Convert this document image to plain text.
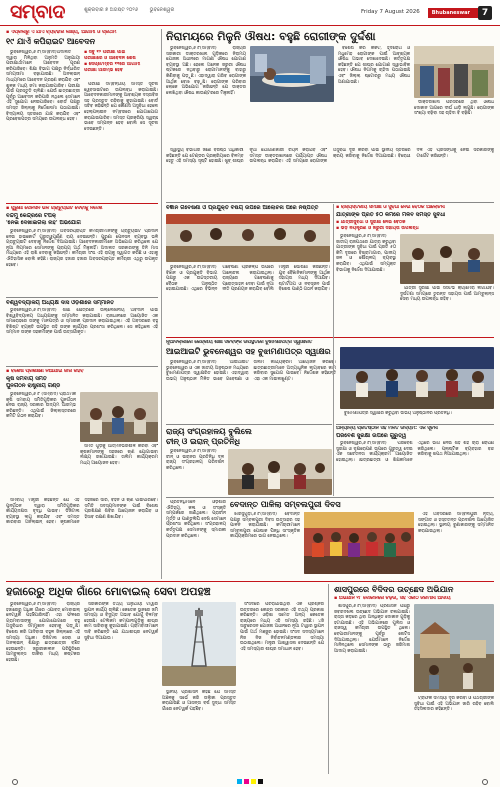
ସମ୍ବାଦ	ଶୁକ୍ରବାର ୭ ଅଗଷ୍ଟ ୨୦୨୬ ଭୁବନେଶ୍ୱର	Friday 7 August 2026	Bhubaneswar	7
▪ ଏପ୍ରିଲରୁ ଏ ଯାଏ ବ୍ୟବହାର ଲକ୍ଷ୍ୟ, ଆଗାମୀ ଓ ପ୍ରଥମ
୧୯ ଯାଏଁ କପିରାଇଟ ଆବେଦନ

ଭୁବନେଶ୍ୱର,୬।୮(ସମ୍ବାଦ)ଅଦାଲତ ଦ୍ୱାରା ମିଳିଥିବା ଅନୁମତି ଅନୁଯାୟୀ ପରୀକ୍ଷାର୍ଥୀମାନେ ଆବେଦନ ପୂରଣ କରିପାରିବେ। ଶିକ୍ଷା ବିଭାଗ ପକ୍ଷରୁ ନିର୍ଦ୍ଧାରିତ ସମୟସୀମା ବଢ଼ାଯାଇଛି। ଅନଲାଇନ୍ ମାଧ୍ୟମରେ ଆବେଦନ ଗ୍ରହଣ କରାଯିବ ଏବଂ ଶୁଳ୍କ ମଧ୍ୟ ଜମା କରାଯାଇପାରିବ। ପରୀକ୍ଷା ପାଇଁ ପ୍ରସ୍ତୁତି ଚାଲିଛି। ଯେଉଁ ଛାତ୍ରଛାତ୍ରୀ ପୂର୍ବରୁ ଆବେଦନ କରିପାରି ନଥିଲେ ସେମାନେ ଏହି ସୁଯୋଗ ନେଇପାରିବେ। ବୋର୍ଡ ପକ୍ଷରୁ ସମସ୍ତ ଜିଲ୍ଲାକୁ ନିର୍ଦ୍ଦେଶନାମା ପଠାଯାଇଛି। ବିଦ୍ୟାଳୟ ସ୍ତରରେ ଯାଞ୍ଚ କରାଯିବ ଏବଂ ପ୍ରବେଶପତ୍ର ସମୟରେ ଉପଲବ୍ଧ ହେବ।

▪ ସବୁ ୧୨ ପରୀକ୍ଷା ପାଇଁ
ପରୀକ୍ଷାରେ ଓ ଆବେଦନ ଶେଷ
▪ ସେପ୍ଟେମ୍ବର ୧୧ରେ ଆଗାମୀ
ପରୀକ୍ଷା ଆରମ୍ଭ ହେବ

ପରୀକ୍ଷା ସମ୍ବନ୍ଧୀୟ ସମସ୍ତ ସୂଚନା ୱେବସାଇଟରେ ଉପଲବ୍ଧ କରାଯାଇଛି। ଆବେଦନକାରୀମାନଙ୍କୁ ଆବଶ୍ୟକ ଦସ୍ତାବିଜ ସହ ପ୍ରସ୍ତୁତ ରହିବାକୁ କୁହାଯାଇଛି। ବୋର୍ଡ ସଚିବ କହିଛନ୍ତି ଯେ କୌଣସି ଅସୁବିଧା ହେଲେ ହେଲ୍ପଲାଇନ ନମ୍ବରରେ ଯୋଗାଯୋଗ କରାଯାଇପାରିବ। ସମସ୍ତ ପ୍ରକ୍ରିୟା ସ୍ୱଚ୍ଛ ଭାବେ ସମ୍ପନ୍ନ ହେବ ବୋଲି ସେ ସୂଚନା ଦେଇଛନ୍ତି।

ନିରାମୟରେ ମିଳୁନି ଔଷଧ: ବହୁଛି ରୋଗୀଙ୍କ ଦୁର୍ଦ୍ଦଶା

ଭୁବନେଶ୍ୱର,୬।୮(ସମ୍ବାଦ) ରାଜ୍ୟର ସରକାରୀ ଡାକ୍ତରଖାନା ଗୁଡ଼ିକରେ ନିରାମୟ ଯୋଜନା ଅଧୀନରେ ମାଗଣା ଔଷଧ ଯୋଗାଣ ବ୍ୟବସ୍ଥା ଅଛି। ହେଲେ ଅନେକ ଜରୁରୀ ଔଷଧ ଷ୍ଟକରେ ନଥିବାରୁ ରୋଗୀମାନଙ୍କୁ ବାହାରୁ କିଣିବାକୁ ପଡ଼ୁଛି। ଏହାଦ୍ୱାରା ଗରିବ ରୋଗୀଙ୍କ ଆର୍ଥିକ ବୋଝ ବଢ଼ୁଛି। ରୋଗୀଙ୍କ ପରିବାର ଲୋକେ ଅଭିଯୋଗ କରିଛନ୍ତି ଯେ ଡାକ୍ତର ଲେଖିଥିବା ଔଷଧ କାଉଣ୍ଟରରେ ମିଳୁନାହିଁ।

ବିଶେଷ କରି କର୍କଟ, ହୃଦରୋଗ ଓ ମଧୁମେହ ରୋଗୀଙ୍କ ପାଇଁ ଆବଶ୍ୟକ ଔଷଧ ଅଭାବ ଦେଖାଦେଇଛି। କର୍ତ୍ତୃପକ୍ଷ କହିଛନ୍ତି ଯେ ଶୀଘ୍ର ଯୋଗାଣ ସ୍ୱାଭାବିକ ହେବ। ଔଷଧ ନିଗମକୁ ଚାହିଦା ପଠାଯାଇଛି ଏବଂ ଜିଲ୍ଲା ଷ୍ଟୋରରୁ ମଧ୍ୟ ଔଷଧ ଅଣାଯାଉଛି।

ଡାକ୍ତରଖାନା ପରିସରରେ ଥିବା ଔଷଧ ଦୋକାନ ଆଗରେ ଦୀର୍ଘ ଧାଡ଼ି ଲାଗୁଛି। ରୋଗୀଙ୍କ ସଂଖ୍ୟା ବଢ଼ିବା ସହ ଚାହିଦା ବି ବଢ଼ିଛି।

ସ୍ୱାସ୍ଥ୍ୟ ବିଭାଗର ଜଣେ ବରିଷ୍ଠ ଅଧିକାରୀ କହିଛନ୍ତି ଯେ ଟେଣ୍ଡର ପ୍ରକ୍ରିୟାରେ ବିଳମ୍ବ ହେତୁ ଏହି ସମସ୍ୟା ସୃଷ୍ଟି ହୋଇଛି। ଖୁବ୍ ଶୀଘ୍ର ନୂଆ ଯୋଗାଣକାରୀ ଚୟନ କରାଯିବ ଏବଂ ସମସ୍ତ ଡାକ୍ତରଖାନାରେ ପର୍ଯ୍ୟାପ୍ତ ଔଷଧ ଉପଲବ୍ଧ କରାଯିବ। ଏହି ସମୟରେ ରୋଗୀଙ୍କ ଅସୁବିଧା ଦୂର କରିବା ପାଇଁ ସ୍ଥାନୀୟ ସ୍ତରରେ କ୍ରୟ କରିବାକୁ ନିର୍ଦ୍ଦେଶ ଦିଆଯାଇଛି। ବିରୋଧୀ ଦଳ ଏହି ପ୍ରସଙ୍ଗକୁ ନେଇ ସରକାରଙ୍କୁ ଟାର୍ଗେଟ କରିଛନ୍ତି।

▪ ପୁରୁଣା ପେନସନ ଭଳି ଗ୍ରାଚ୍ୟୁଇଟି ଦେବାକୁ ନିର୍ଦ୍ଦେଶ
ବନ୍ଦମୁଁ କେନ୍ଦ୍ରରେ ଟିପିକ୍
'ନେଇ ଦେଖାଇଗଲା ନାହିଁ' ଅଭିଯୋଗ

ଭୁବନେଶ୍ୱର,୬।୮(ସମ୍ବାଦ) ଅବସରପ୍ରାପ୍ତ କର୍ମଚାରୀମାନଙ୍କୁ ଗ୍ରାଚ୍ୟୁଇଟି ପ୍ରଦାନ ନେଇ ହାଇକୋର୍ଟ ଗୁରୁତ୍ୱପୂର୍ଣ୍ଣ ରାୟ ଦେଇଛନ୍ତି। ପୁରୁଣା ପେନସନ ବ୍ୟବସ୍ଥା ଭଳି ଗ୍ରାଚ୍ୟୁଇଟି ଦେବାକୁ ନିର୍ଦ୍ଦେଶ ଦିଆଯାଇଛି। ଆବେଦନକାରୀମାନେ ଅଭିଯୋଗ କରିଥିଲେ ଯେ ନୂଆ ନିୟମରେ ସେମାନଙ୍କୁ ପ୍ରାପ୍ୟ ଅର୍ଥ ମିଳୁନାହିଁ। ଅଦାଲତ ସରକାରଙ୍କୁ ତିନି ମାସ ମଧ୍ୟରେ ଏହି ରାଶି ଦେବାକୁ କହିଛନ୍ତି। କର୍ମଚାରୀ ସଂଘ ଏହି ରାୟକୁ ସ୍ୱାଗତ କରିଛି ଓ ଏହାକୁ ଐତିହାସିକ ବୋଲି କହିଛି। ରାଜ୍ୟର ହଜାର ହଜାର ଅବସରପ୍ରାପ୍ତ କର୍ମଚାରୀ ଏଥିରୁ ଉପକୃତ ହେବେ।

ବିଶ୍ୱବିଦ୍ୟାଳୟ ଅଧ୍ୟକ୍ଷ ଦାସ ଓଡ଼ିଶାରେ ସମ୍ମାନିତ

ଭୁବନେଶ୍ୱର,୬।୮(ସମ୍ବାଦ) ଶିକ୍ଷା କ୍ଷେତ୍ରରେ ଉଲ୍ଲେଖନୀୟ ଅବଦାନ ପାଇଁ ବିଶ୍ୱବିଦ୍ୟାଳୟ ଅଧ୍ୟକ୍ଷଙ୍କୁ ସମ୍ମାନିତ କରାଯାଇଛି। ରାଜଧାନୀରେ ଆୟୋଜିତ ଏକ ସମାରୋହରେ ତାଙ୍କୁ ମାନପତ୍ର ଓ ସ୍ମାରକୀ ପ୍ରଦାନ କରାଯାଇଥିଲା। ଏହି ଅବସରରେ ବହୁ ବିଶିଷ୍ଟ ବ୍ୟକ୍ତି ଉପସ୍ଥିତ ରହି ତାଙ୍କ କାର୍ଯ୍ୟର ପ୍ରଶଂସା କରିଥିଲେ। ସେ କହିଥିଲେ ଏହି ସମ୍ମାନ ତାଙ୍କ ସହକର୍ମୀଙ୍କ ପାଇଁ ଉତ୍ସର୍ଗୀକୃତ।

▪ ବିଶେଷ ପ୍ରଶିକ୍ଷଣ ନିଆଯାଇ ଜାରି ରହିବ
କୃଷି ସମବାୟ ସମିତି
ପୁନର୍ଗଠନ ରାଷ୍ଟ୍ରୀୟ ଗଣ୍ଡି

ଭୁବନେଶ୍ୱର,୬।୮ (ସମ୍ବାଦ) ପ୍ରାଥମିକ କୃଷି ସମବାୟ ସମିତିଗୁଡ଼ିକର ପୁନର୍ଗଠନ ନେଇ ରାଜ୍ୟ ସରକାର ଉଦ୍ୟମ ଆରମ୍ଭ କରିଛନ୍ତି। ଏଥିପାଇଁ ଜିଲ୍ଲାସ୍ତରରେ କମିଟି ଗଠନ କରାଯିବ।

ସମିତି ଗୁଡ଼ିକୁ ଆତ୍ମନିର୍ଭରଶୀଳ କରିବା ଏବଂ କୃଷକମାନଙ୍କୁ ସହଜରେ ଋଣ ଯୋଗାଇବା ଲକ୍ଷ୍ୟ ରଖାଯାଇଛି। ତାଲିମ କାର୍ଯ୍ୟକ୍ରମ ମଧ୍ୟ ଆୟୋଜନ ହେବ।

ବିଜ୍ଞାନ ଗବେଷଣା ଓ ପ୍ରଯୁକ୍ତି ବିଷୟ ଉପରେ ଆଲୋଚନା ପରେ ନିଷ୍ପତ୍ତି

ଭୁବନେଶ୍ୱର,୬।୮(ସମ୍ବାଦ) ବିଜ୍ଞାନ ଓ ପ୍ରଯୁକ୍ତି ବିଭାଗ ପକ୍ଷରୁ ଏକ ଉଚ୍ଚସ୍ତରୀୟ ବୈଠକ ଅନୁଷ୍ଠିତ ହୋଇଯାଇଛି। ଏଥିରେ ବିଭିନ୍ନ ଗବେଷଣା ପ୍ରକଳ୍ପ ଉପରେ ଆଲୋଚନା କରାଯାଇଥିଲା। ରାଜ୍ୟରେ ଗବେଷଣାକୁ ପ୍ରୋତ୍ସାହନ ଦେବା ପାଇଁ ନୂଆ ନୀତି ପ୍ରଣୟନ କରାଯିବ ବୋଲି ମନ୍ତ୍ରୀ ଘୋଷଣା କରିଛନ୍ତି। ଯୁବ ବୈଜ୍ଞାନିକମାନଙ୍କୁ ଆର୍ଥିକ ସହାୟତା ମଧ୍ୟ ଦିଆଯିବ। ଷ୍ଟାର୍ଟଅପ ଓ ନବସୃଜନ ପାଇଁ ବିଶେଷ ପାଣ୍ଠି ଗଠନ କରାଯିବ।

▪ ରାଜ୍ୟସ୍ତରୀୟ ସମୀକ୍ଷା ଓ ସୁବିଧା ନେଇ ବୈଠକ ଆଲୋଚନା
ଯାତ୍ରୀଙ୍କ ପ୍ରତି ୫୦ କିମିରେ ମିଳିବ ସମସ୍ତ ସୁବିଧା
▪ ଯାତ୍ରୀସୁବିଧା ଓ ସୁରକ୍ଷା ନେଇ ବୈଠକ
▪ ଭିଡ଼ ନିୟନ୍ତ୍ରଣ ଓ ଜରୁରୀ ସହାୟତା ଉପଲବ୍ଧ

ଭୁବନେଶ୍ୱର,୬।୮(ସମ୍ବାଦ) ଜାତୀୟ ରାଜପଥରେ ଯାତ୍ରା କରୁଥିବା ଯାତ୍ରୀଙ୍କ ସୁବିଧା ପାଇଁ ପ୍ରତି ୫୦ କିମି ଦୂରରେ ବିଶ୍ରାମାଗାର, ପାନୀୟ ଜଳ ଓ ଶୌଚାଳୟ ବ୍ୟବସ୍ଥା କରାଯିବ। ଏଥିପାଇଁ ସମ୍ପୃକ୍ତ ବିଭାଗକୁ ନିର୍ଦ୍ଦେଶ ଦିଆଯାଇଛି।

ଯାତ୍ରୀ ସୁରକ୍ଷା ପାଇଁ ସିସିଟିଭି କ୍ୟାମେରା ଲଗାଯିବ। ଦୁର୍ଘଟଣା ସମୟରେ ତୁରନ୍ତ ସହାୟତା ପାଇଁ ଆମ୍ବୁଲାନ୍ସ ସେବା ମଧ୍ୟ ଉପଲବ୍ଧ ରହିବ।

ନୂଆଦିଲ୍ଲୀରେ କେନ୍ଦ୍ରୀୟ ଶିକ୍ଷା ସଚିବଙ୍କ ଉପସ୍ଥିତିରେ ବୁଝାମଣାପତ୍ର ସ୍ୱାକ୍ଷରିତ
ଆଇଆଇଟି ଭୁବନେଶ୍ୱର ସହ ବୁଝାମଣାପତ୍ର ସ୍ୱାକ୍ଷର

ଭୁବନେଶ୍ୱର,୬।୮(ସମ୍ବାଦ) ଆଇଆଇଟି ଭୁବନେଶ୍ୱର ଓ ଏକ ଜାତୀୟ ଅନୁଷ୍ଠାନ ମଧ୍ୟରେ ବୁଝାମଣାପତ୍ର ସ୍ୱାକ୍ଷରିତ ହୋଇଛି। ଏହାଦ୍ୱାରା ଉଭୟ ଅନୁଷ୍ଠାନ ମିଳିତ ଭାବେ ଗବେଷଣା ଓ ତାଲିମ କାର୍ଯ୍ୟକ୍ରମ ଆୟୋଜନ କରିବେ। ଛାତ୍ରଛାତ୍ରୀମାନେ ଅତ୍ୟାଧୁନିକ ଲ୍ୟାବରେ କାମ କରିବାର ସୁଯୋଗ ପାଇବେ। ନିର୍ଦ୍ଦେଶକ କହିଛନ୍ତି ଏହା ଏକ ମାଇଲଖୁଣ୍ଟ।

ବୁଝାମଣାପତ୍ର ସ୍ୱାକ୍ଷର କରୁଥିବା ଉଭୟ ଅନୁଷ୍ଠାନର ପ୍ରତିନିଧି।

ଅନ୍ୟାନ୍ୟ ପ୍ରତିଷ୍ଠାନ ସହ ମିଳିତ ଉଦ୍ୟମ: ଏକ ସୂଚନା
ପରିବେଶ ସୁରକ୍ଷା ଉପରେ ଗୁରୁତ୍ୱ

ଭୁବନେଶ୍ୱର,୬।୮(ସମ୍ବାଦ) ପରିବେଶ ସୁରକ୍ଷା ଓ ବୃକ୍ଷରୋପଣ ଉପରେ ଗୁରୁତ୍ୱ ଦେଇ ଏକ ସଚେତନତା କାର୍ଯ୍ୟକ୍ରମ ଆୟୋଜିତ ହୋଇଥିଲା। ଛାତ୍ରଛାତ୍ରୀ ଓ ଶିକ୍ଷକମାନେ ଏଥିରେ ଭାଗ ନେଇ ଶହ ଶହ ଚାରା ରୋପଣ କରିଥିଲେ। ପ୍ଲାଷ୍ଟିକ ବ୍ୟବହାର ବନ୍ଦ କରିବାକୁ ଶପଥ ନିଆଯାଇଥିଲା।

ରାଜ୍ୟ ସଂଗ୍ରହାଳୟ ବୁଲିଲେ
ଚୀନ୍ ଓ ଇରାନ୍ ପ୍ରତିନିଧି

ଭୁବନେଶ୍ୱର,୬।୮(ସମ୍ବାଦ) ଚୀନ୍ ଓ ଇରାନର ପ୍ରତିନିଧି ଦଳ ରାଜ୍ୟ ସଂଗ୍ରହାଳୟ ପରିଦର୍ଶନ କରିଥିଲେ।

ସମବାୟ ମନ୍ତ୍ରୀ କହିଛନ୍ତି ଯେ ଏହି ପୁନର୍ଗଠନ ଦ୍ୱାରା ସମିତିଗୁଡ଼ିକର କାର୍ଯ୍ୟଦକ୍ଷତା ବୃଦ୍ଧି ପାଇବ। ଡିଜିଟାଲ ବ୍ୟବସ୍ଥା ଲାଗୁ କରାଯିବ ଏବଂ ସମସ୍ତ କାରବାର ଅନଲାଇନ୍ ହେବ। କୃଷକମାନେ ସହଜରେ ସାର, ବିହନ ଓ ଋଣ ପାଇପାରିବେ। ସମିତି ସଦସ୍ୟମାନଙ୍କ ପାଇଁ ବିଶେଷ ପ୍ରଶିକ୍ଷଣ ଶିବିର ଆୟୋଜନ କରାଯିବ ଓ ହିସାବ ରକ୍ଷଣ ଶିଖାଯିବ।

ବେଦାନ୍ତ ପାଳିଲା ସମ୍ବଲପୁରୀ ଦିବସ

ପ୍ରତିନିଧିମାନେ ଓଡ଼ିଶାର ଐତିହ୍ୟ, କଳା ଓ ସଂସ୍କୃତି ସମ୍ପର୍କରେ ଜାଣିଥିଲେ। ପ୍ରାଚୀନ ମୂର୍ତ୍ତି ଓ ପାଣ୍ଡୁଲିପି ଦେଖି ସେମାନେ ପ୍ରଶଂସା କରିଥିଲେ। ସଂଗ୍ରହାଳୟ କର୍ତ୍ତୃପକ୍ଷ ସେମାନଙ୍କୁ ସ୍ମାରକୀ ପ୍ରଦାନ କରିଥିଲେ।

ଝାରସୁଗୁଡ଼ା,୬।୮(ସମ୍ବାଦ) ବେଦାନ୍ତ ପକ୍ଷରୁ ସମ୍ବଲପୁରୀ ଦିବସ ଉତ୍ସାହର ସହ ପାଳନ କରାଯାଇଛି। କର୍ମଚାରୀମାନେ ସମ୍ବଲପୁରୀ ପୋଷାକ ପିନ୍ଧି ସାଂସ୍କୃତିକ କାର୍ଯ୍ୟକ୍ରମରେ ଭାଗ ନେଇଥିଲେ।

ଏହି ଅବସରରେ ସମ୍ବଲପୁରୀ ନୃତ୍ୟ, ସଙ୍ଗୀତ ଓ ହସ୍ତତନ୍ତ ପ୍ରଦର୍ଶନୀ ଆୟୋଜିତ ହୋଇଥିଲା। ସ୍ଥାନୀୟ ବୁଣାକାରଙ୍କୁ ସମ୍ମାନିତ କରାଯାଇଥିଲା।

ହଜାରେରୁ ଅଧିକ ଗାଁରେ ମୋବାଇଲ୍ ସେବା ଅପହଞ୍ଚ

ଭୁବନେଶ୍ୱର,୬।୮(ସମ୍ବାଦ) ରାଜ୍ୟର ହଜାରେରୁ ଅଧିକ ଗାଁରେ ଏଯାବତ୍ ମୋବାଇଲ୍ ନେଟୱର୍କ ପହଞ୍ଚିପାରିନାହିଁ। ଏହା ଫଳରେ ଗ୍ରାମବାସୀଙ୍କୁ ଯୋଗାଯୋଗରେ ବହୁ ଅସୁବିଧାର ସମ୍ମୁଖୀନ ହେବାକୁ ପଡ଼ୁଛି। ବିଶେଷ କରି ଆଦିବାସୀ ବହୁଳ ଜିଲ୍ଲାରେ ଏହି ସମସ୍ୟା ଅଧିକ। ଡିଜିଟାଲ ସେବା ଓ ଅନଲାଇନ୍ ଶିକ୍ଷାରୁ ଛାତ୍ରଛାତ୍ରୀ ବଞ୍ଚିତ ହେଉଛନ୍ତି। ଜରୁରୀକାଳୀନ ପରିସ୍ଥିତିରେ ଆମ୍ବୁଲାନ୍ସ ଡାକିବା ମଧ୍ୟ କଷ୍ଟକର ହେଉଛି।

ସରକାରଙ୍କ ତଥ୍ୟ ଅନୁଯାୟୀ ଟାୱାର ସ୍ଥାପନ କାର୍ଯ୍ୟ ଚାଲିଛି। କେତେକ ସ୍ଥାନରେ ଜମି ସମସ୍ୟା ଓ ବିଦ୍ୟୁତ ଅଭାବ ଯୋଗୁଁ ବିଳମ୍ବ ହେଉଛି। ଟେଲିକମ କମ୍ପାନୀଗୁଡ଼ିକୁ ଶୀଘ୍ର କାମ ସାରିବାକୁ କୁହାଯାଇଛି। ଗ୍ରାମବାସୀମାନେ ଦାବି କରିଛନ୍ତି ଯେ ଯଥାଶୀଘ୍ର ନେଟୱର୍କ ସୁବିଧା ଦିଆଯାଉ।

ସ୍ଥାନୀୟ ପ୍ରଶାସନ କହିଛି ଯେ ସମସ୍ତ ଅଞ୍ଚଳକୁ ସର୍ଭେ କରି ତାଲିକା ପ୍ରସ୍ତୁତ କରାଯାଇଛି ଓ ଆସନ୍ତା ବର୍ଷ ସୁଦ୍ଧା ସମସ୍ତ ଗାଁରେ ନେଟୱର୍କ ପହଞ୍ଚିବ।

ସଂସଦରେ ପଚରାଯାଇଥିବା ଏକ ପ୍ରଶ୍ନର ଉତ୍ତରରେ କେନ୍ଦ୍ର ସରକାର ଏହି ତଥ୍ୟ ପ୍ରକାଶ କରିଛନ୍ତି। ଓଡ଼ିଶା ସମେତ ଅନ୍ୟ କେତେକ ରାଜ୍ୟରେ ମଧ୍ୟ ଏହି ସମସ୍ୟା ରହିଛି। ୪ଜି ସାଚୁରେସନ ଯୋଜନା ଅଧୀନରେ ନୂଆ ଟାୱାର ସ୍ଥାପନ ପାଇଁ ଅର୍ଥ ମଞ୍ଜୁର ହୋଇଛି। ସଂସଦ ସଦସ୍ୟମାନେ ନିଜ ନିଜ ନିର୍ବାଚନମଣ୍ଡଳୀର ସମସ୍ୟା ଉଠାଇଥିଲେ। ମନ୍ତ୍ରୀ ଆଶ୍ୱାସନା ଦେଇଛନ୍ତି ଯେ ଏହି ସମସ୍ୟାର ଶୀଘ୍ର ସମାଧାନ ହେବ।

ଶାସପୁରରେ ବିଦିଦର ଉଚ୍ଛେଦ ଅଭିଯାନ
▪ ଅଭିଯାନ ୧୮ ଦୋକାନରେ ଚଢ଼ଉ, ସହ ଏକାଠି ଜରିମାନା ଆଦାୟ

ଶାସପୁର,୬।୮(ସମ୍ବାଦ) ପ୍ରଶାସନ ପକ୍ଷରୁ ଜବରଦଖଲ ଉଚ୍ଛେଦ ଅଭିଯାନ ଚଳାଯାଇଛି। ରାସ୍ତା କଡ଼ରେ ଥିବା ଅନଧିକୃତ ଦୋକାନ ଗୁଡ଼ିକୁ ହଟାଯାଇଛି। ଏହି ଅଭିଯାନରେ ପୁଲିସ ଓ ରାଜସ୍ୱ କର୍ମଚାରୀ ଉପସ୍ଥିତ ଥିଲେ। ବେପାରୀମାନଙ୍କୁ ପୂର୍ବରୁ ନୋଟିସ ଦିଆଯାଇଥିଲା। ଯେଉଁମାନେ ନିର୍ଦ୍ଦେଶ ମାନିନଥିଲେ ସେମାନଙ୍କ ଠାରୁ ଜରିମାନା ଆଦାୟ କରାଯାଇଛି।

ଟ୍ରାଫିକ ସମସ୍ୟା ଦୂର କରିବା ଓ ପଥଚାରୀଙ୍କ ସୁବିଧା ପାଇଁ ଏହି ଅଭିଯାନ ଜାରି ରହିବ ବୋଲି ତହସିଲଦାର କହିଛନ୍ତି।
